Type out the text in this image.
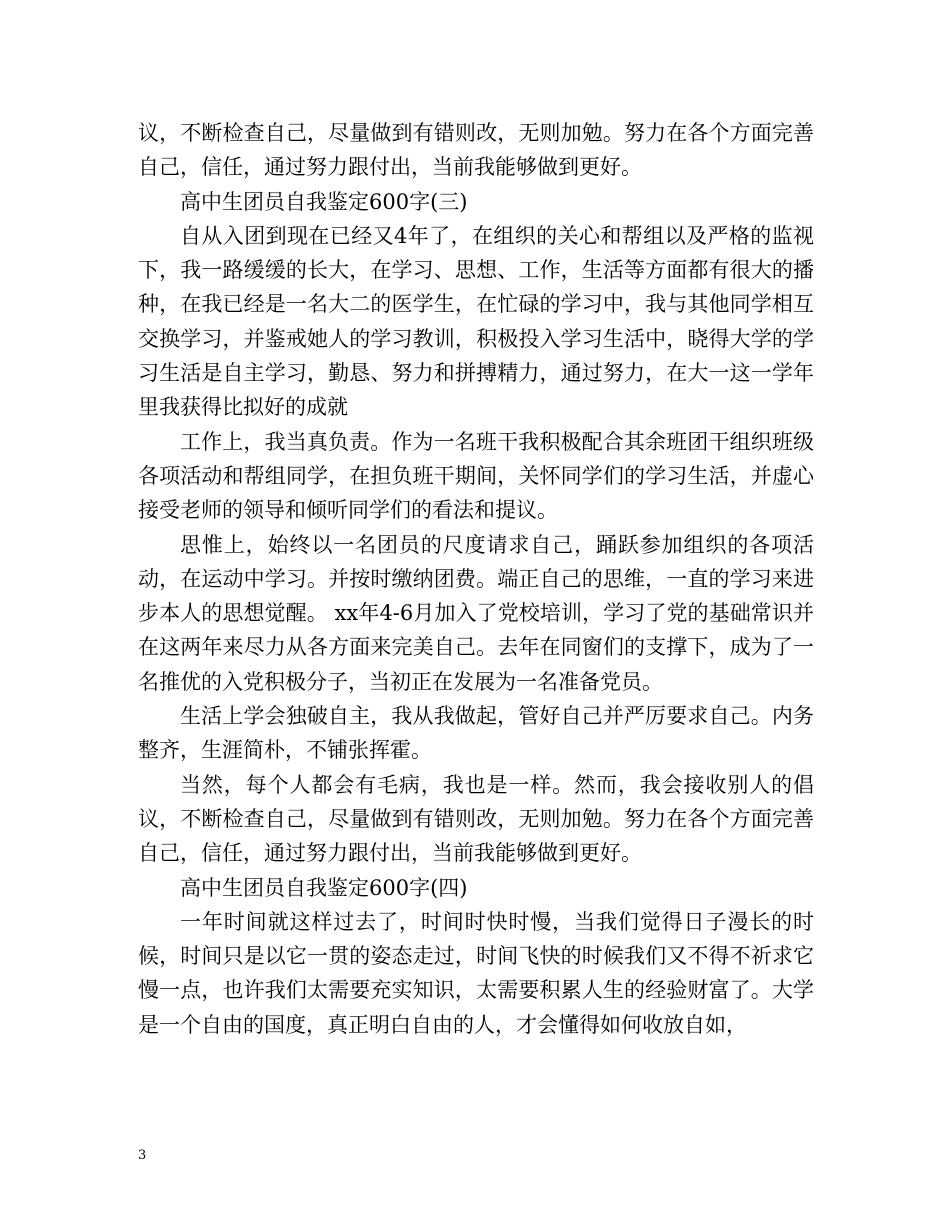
议，不断检查自己，尽量做到有错则改，无则加勉。努力在各个方面完善自己，信任，通过努力跟付出，当前我能够做到更好。

高中生团员自我鉴定600字(三)

自从入团到现在已经又4年了，在组织的关心和帮组以及严格的监视下，我一路缓缓的长大，在学习、思想、工作，生活等方面都有很大的播种，在我已经是一名大二的医学生，在忙碌的学习中，我与其他同学相互交换学习，并鉴戒她人的学习教训，积极投入学习生活中，晓得大学的学习生活是自主学习，勤恳、努力和拼搏精力，通过努力，在大一这一学年里我获得比拟好的成就

工作上，我当真负责。作为一名班干我积极配合其余班团干组织班级各项活动和帮组同学，在担负班干期间，关怀同学们的学习生活，并虚心接受老师的领导和倾听同学们的看法和提议。

思惟上，始终以一名团员的尺度请求自己，踊跃参加组织的各项活动，在运动中学习。并按时缴纳团费。端正自己的思维，一直的学习来进步本人的思想觉醒。 xx年4-6月加入了党校培训，学习了党的基础常识并在这两年来尽力从各方面来完美自己。去年在同窗们的支撑下，成为了一名推优的入党积极分子，当初正在发展为一名准备党员。

生活上学会独破自主，我从我做起，管好自己并严厉要求自己。内务整齐，生涯简朴，不铺张挥霍。

当然，每个人都会有毛病，我也是一样。然而，我会接收别人的倡议，不断检查自己，尽量做到有错则改，无则加勉。努力在各个方面完善自己，信任，通过努力跟付出，当前我能够做到更好。

高中生团员自我鉴定600字(四)

一年时间就这样过去了，时间时快时慢，当我们觉得日子漫长的时候，时间只是以它一贯的姿态走过，时间飞快的时候我们又不得不祈求它慢一点，也许我们太需要充实知识，太需要积累人生的经验财富了。大学是一个自由的国度，真正明白自由的人，才会懂得如何收放自如，

3
